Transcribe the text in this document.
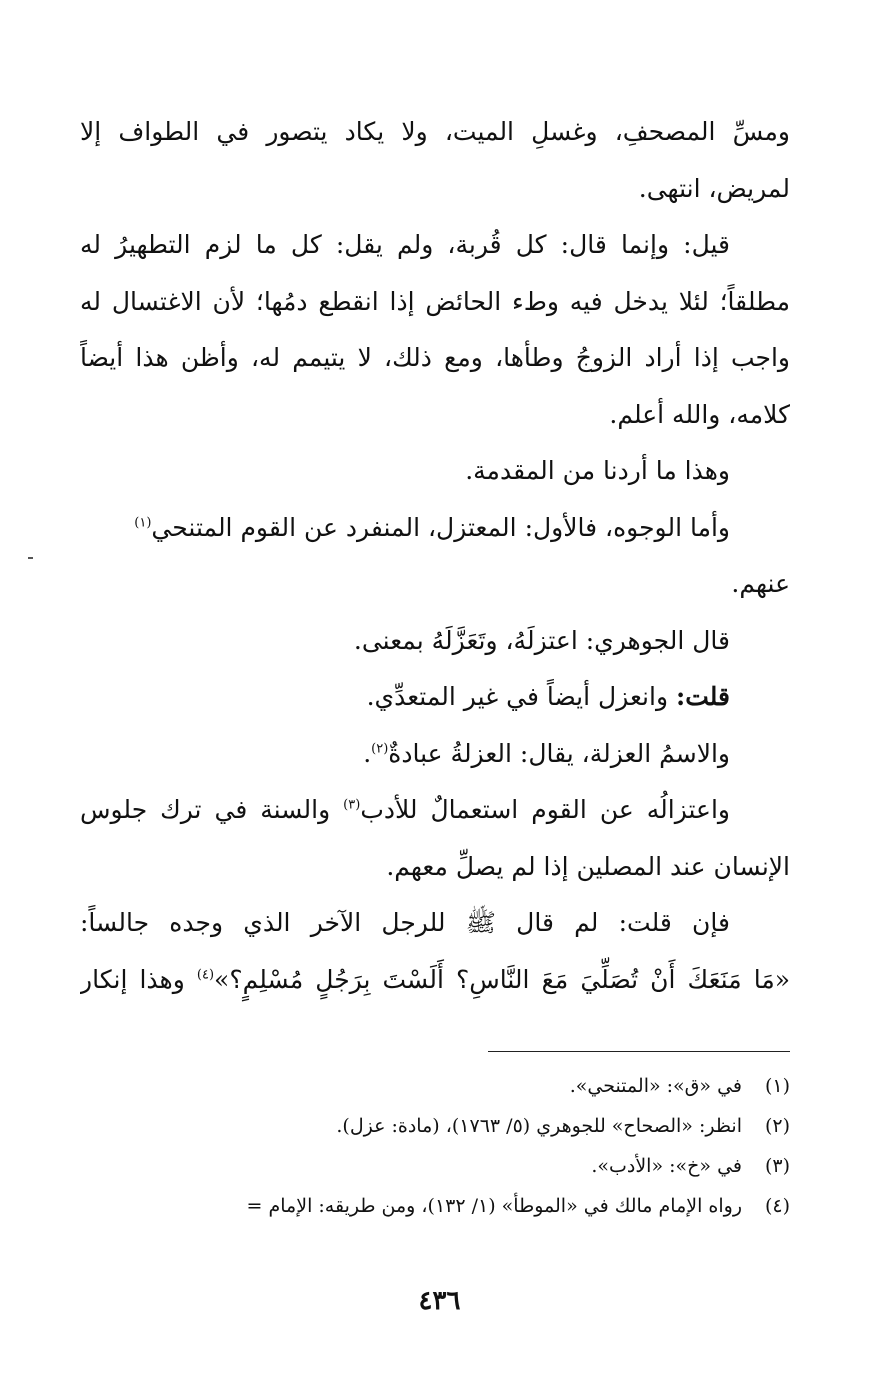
ومسِّ المصحفِ، وغسلِ الميت، ولا يكاد يتصور في الطواف إلا
لمريض، انتهى.
قيل: وإنما قال: كل قُربة، ولم يقل: كل ما لزم التطهيرُ له
مطلقاً؛ لئلا يدخل فيه وطء الحائض إذا انقطع دمُها؛ لأن الاغتسال له
واجب إذا أراد الزوجُ وطأها، ومع ذلك، لا يتيمم له، وأظن هذا أيضاً
كلامه، والله أعلم.
وهذا ما أردنا من المقدمة.
وأما الوجوه، فالأول: المعتزل، المنفرد عن القوم المتنحي$^{(١)}$
عنهم.
قال الجوهري: اعتزلَهُ، وتَعَزَّلَهُ بمعنى.
قلت: وانعزل أيضاً في غير المتعدِّي.
والاسمُ العزلة، يقال: العزلةُ عبادةٌ$^{(٢)}$.
واعتزالُه عن القوم استعمالٌ للأدب$^{(٣)}$ والسنة في ترك جلوس
الإنسان عند المصلين إذا لم يصلِّ معهم.
فإن قلت: لم قال ﷺ للرجل الآخر الذي وجده جالساً:
«مَا مَنَعَكَ أَنْ تُصَلِّيَ مَعَ النَّاسِ؟ أَلَسْتَ بِرَجُلٍ مُسْلِمٍ؟»$^{(٤)}$ وهذا إنكار
(١)في «ق»: «المتنحي».
(٢)انظر: «الصحاح» للجوهري (٥/ ١٧٦٣)، (مادة: عزل).
(٣)في «خ»: «الأدب».
(٤)رواه الإمام مالك في «الموطأ» (١/ ١٣٢)، ومن طريقه: الإمام =
٤٣٦
